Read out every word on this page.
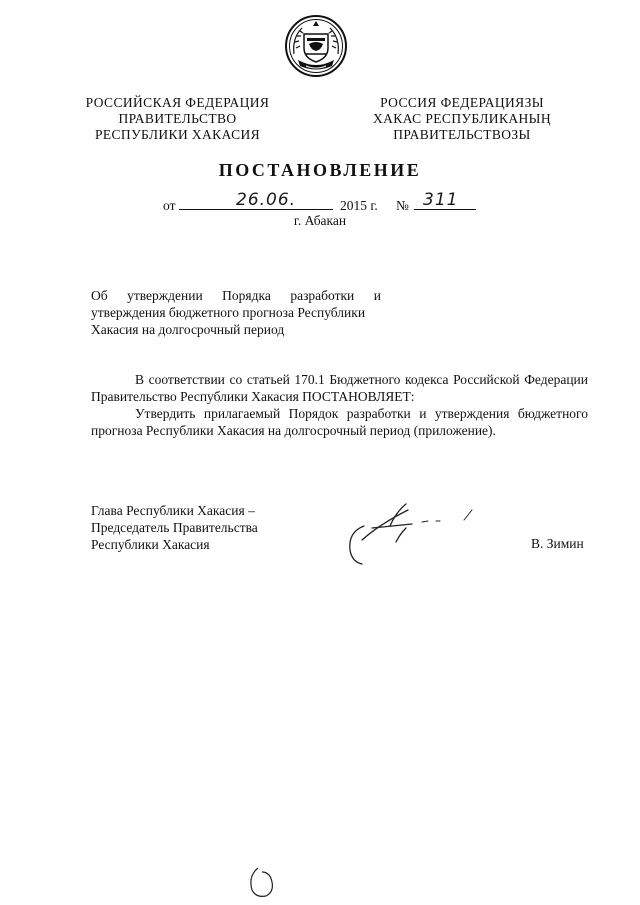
РОССИЙСКАЯ ФЕДЕРАЦИЯ
ПРАВИТЕЛЬСТВО
РЕСПУБЛИКИ ХАКАСИЯ
РОССИЯ ФЕДЕРАЦИЯЗЫ
ХАКАС РЕСПУБЛИКАНЫҢ
ПРАВИТЕЛЬСТВОЗЫ
ПОСТАНОВЛЕНИЕ
от	26.06.	2015 г. № 311
г. Абакан
Об утверждении Порядка разработки и
утверждения бюджетного прогноза Республики
Хакасия на долгосрочный период

В соответствии со статьей 170.1 Бюджетного кодекса Российской Федерации

Правительство Республики Хакасия ПОСТАНОВЛЯЕТ:

Утвердить прилагаемый Порядок разработки и утверждения бюджетного

прогноза Республики Хакасия на долгосрочный период (приложение).

Глава Республики Хакасия –
Председатель Правительства
Республики Хакасия	В. Зимин
